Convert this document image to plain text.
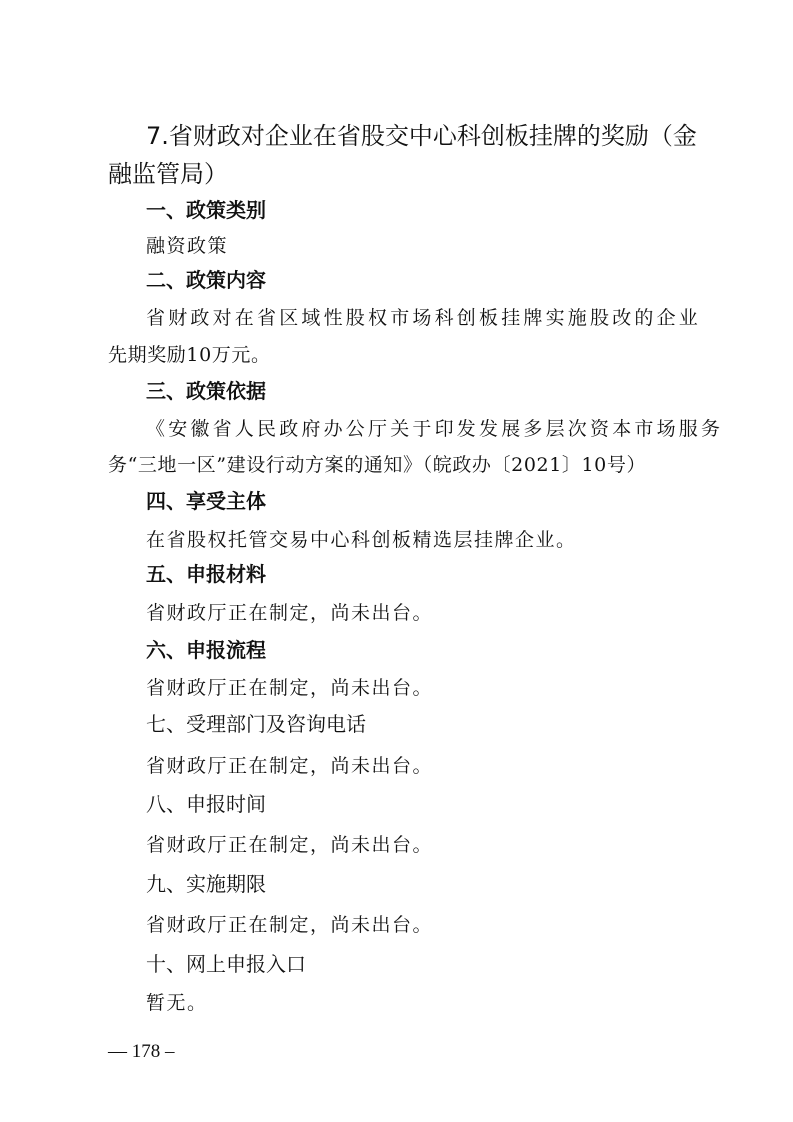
7.省财政对企业在省股交中心科创板挂牌的奖励（金融监管局）
一、政策类别
融资政策
二、政策内容
省财政对在省区域性股权市场科创板挂牌实施股改的企业
先期奖励10万元。
三、政策依据
《安徽省人民政府办公厅关于印发发展多层次资本市场服务
务“三地一区”建设行动方案的通知》（皖政办〔2021〕10号）
四、享受主体
在省股权托管交易中心科创板精选层挂牌企业。
五、申报材料
省财政厅正在制定，尚未出台。
六、申报流程
省财政厅正在制定，尚未出台。
七、受理部门及咨询电话
省财政厅正在制定，尚未出台。
八、申报时间
省财政厅正在制定，尚未出台。
九、实施期限
省财政厅正在制定，尚未出台。
十、网上申报入口
暂无。
— 178 –
